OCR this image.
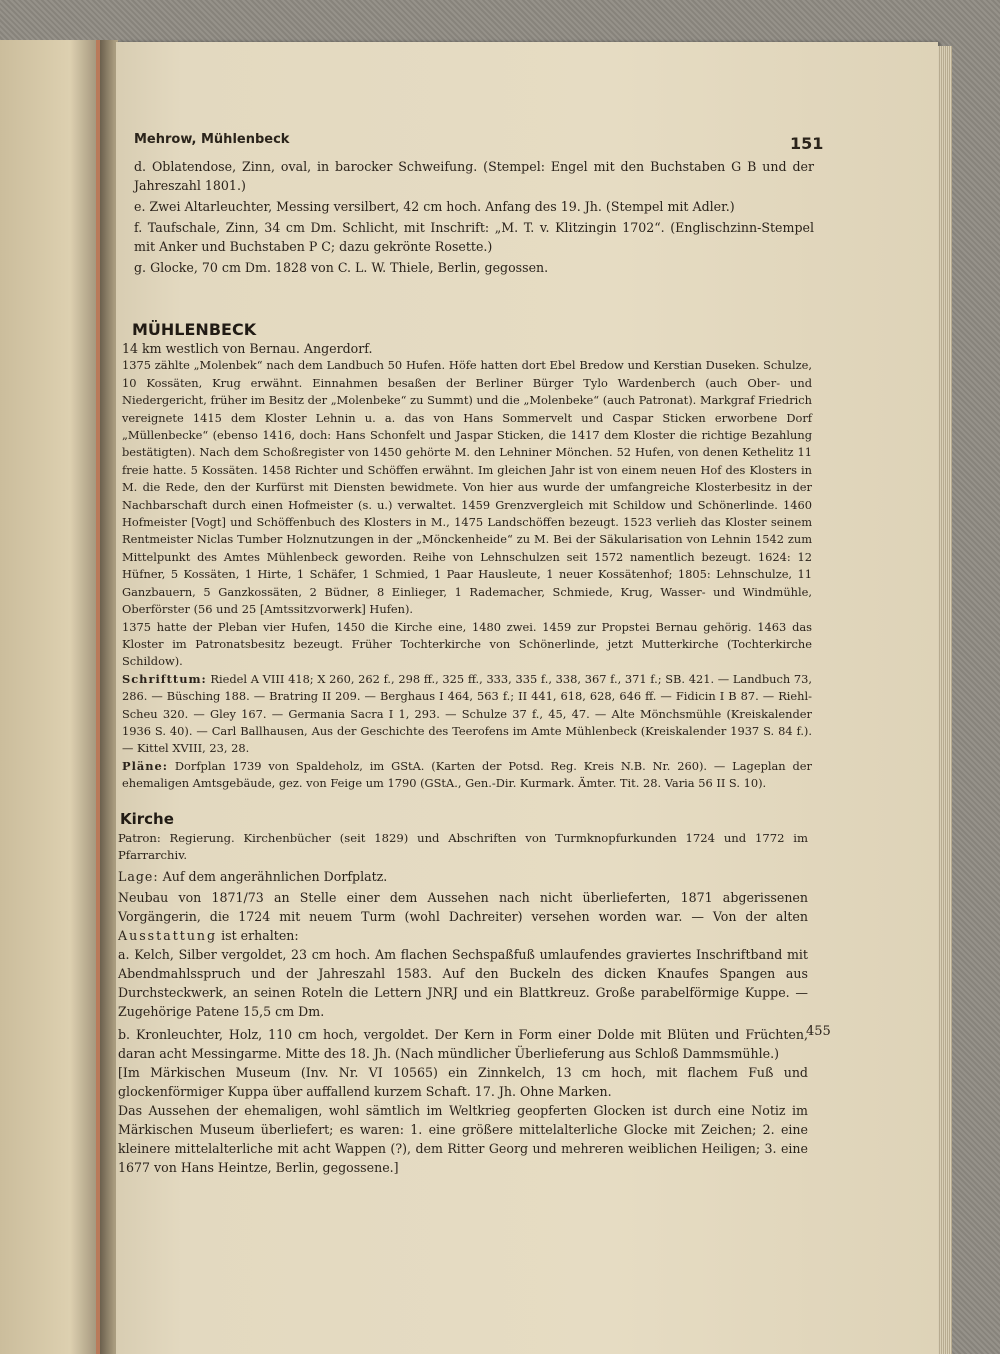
Mehrow, Mühlenbeck	151

d. Oblatendose, Zinn, oval, in barocker Schweifung. (Stempel: Engel mit den Buchstaben G B und der Jahreszahl 1801.)

e. Zwei Altarleuchter, Messing versilbert, 42 cm hoch. Anfang des 19. Jh. (Stempel mit Adler.)

f. Taufschale, Zinn, 34 cm Dm. Schlicht, mit Inschrift: „M. T. v. Klitzingin 1702“. (Englischzinn-Stempel mit Anker und Buchstaben P C; dazu gekrönte Rosette.)

g. Glocke, 70 cm Dm. 1828 von C. L. W. Thiele, Berlin, gegossen.

MÜHLENBECK

14 km westlich von Bernau. Angerdorf.

1375 zählte „Molenbek“ nach dem Landbuch 50 Hufen. Höfe hatten dort Ebel Bredow und Kerstian Duseken. Schulze, 10 Kossäten, Krug erwähnt. Einnahmen besaßen der Berliner Bürger Tylo Wardenberch (auch Ober- und Niedergericht, früher im Besitz der „Molenbeke“ zu Summt) und die „Molenbeke“ (auch Patronat). Markgraf Friedrich vereignete 1415 dem Kloster Lehnin u. a. das von Hans Sommervelt und Caspar Sticken erworbene Dorf „Müllenbecke“ (ebenso 1416, doch: Hans Schonfelt und Jaspar Sticken, die 1417 dem Kloster die richtige Bezahlung bestätigten). Nach dem Schoßregister von 1450 gehörte M. den Lehniner Mönchen. 52 Hufen, von denen Kethelitz 11 freie hatte. 5 Kossäten. 1458 Richter und Schöffen erwähnt. Im gleichen Jahr ist von einem neuen Hof des Klosters in M. die Rede, den der Kurfürst mit Diensten bewidmete. Von hier aus wurde der umfangreiche Klosterbesitz in der Nachbarschaft durch einen Hofmeister (s. u.) verwaltet. 1459 Grenzvergleich mit Schildow und Schönerlinde. 1460 Hofmeister [Vogt] und Schöffenbuch des Klosters in M., 1475 Landschöffen bezeugt. 1523 verlieh das Kloster seinem Rentmeister Niclas Tumber Holznutzungen in der „Mönckenheide“ zu M. Bei der Säkularisation von Lehnin 1542 zum Mittelpunkt des Amtes Mühlenbeck geworden. Reihe von Lehnschulzen seit 1572 namentlich bezeugt. 1624: 12 Hüfner, 5 Kossäten, 1 Hirte, 1 Schäfer, 1 Schmied, 1 Paar Hausleute, 1 neuer Kossätenhof; 1805: Lehnschulze, 11 Ganzbauern, 5 Ganzkossäten, 2 Büdner, 8 Einlieger, 1 Rademacher, Schmiede, Krug, Wasser- und Windmühle, Oberförster (56 und 25 [Amtssitzvorwerk] Hufen).

1375 hatte der Pleban vier Hufen, 1450 die Kirche eine, 1480 zwei. 1459 zur Propstei Bernau gehörig. 1463 das Kloster im Patronatsbesitz bezeugt. Früher Tochterkirche von Schönerlinde, jetzt Mutterkirche (Tochterkirche Schildow).

Schrifttum: Riedel A VIII 418; X 260, 262 f., 298 ff., 325 ff., 333, 335 f., 338, 367 f., 371 f.; SB. 421. — Landbuch 73, 286. — Büsching 188. — Bratring II 209. — Berghaus I 464, 563 f.; II 441, 618, 628, 646 ff. — Fidicin I B 87. — Riehl-Scheu 320. — Gley 167. — Germania Sacra I 1, 293. — Schulze 37 f., 45, 47. — Alte Mönchsmühle (Kreiskalender 1936 S. 40). — Carl Ballhausen, Aus der Geschichte des Teerofens im Amte Mühlenbeck (Kreiskalender 1937 S. 84 f.). — Kittel XVIII, 23, 28.

Pläne: Dorfplan 1739 von Spaldeholz, im GStA. (Karten der Potsd. Reg. Kreis N.B. Nr. 260). — Lageplan der ehemaligen Amtsgebäude, gez. von Feige um 1790 (GStA., Gen.-Dir. Kurmark. Ämter. Tit. 28. Varia 56 II S. 10).

Kirche

Patron: Regierung. Kirchenbücher (seit 1829) und Abschriften von Turmknopfurkunden 1724 und 1772 im Pfarrarchiv.

Lage: Auf dem angerähnlichen Dorfplatz.

Neubau von 1871/73 an Stelle einer dem Aussehen nach nicht überlieferten, 1871 abgerissenen Vorgängerin, die 1724 mit neuem Turm (wohl Dachreiter) versehen worden war. — Von der alten Ausstattung ist erhalten:

a. Kelch, Silber vergoldet, 23 cm hoch. Am flachen Sechspaßfuß umlaufendes graviertes Inschriftband mit Abendmahlsspruch und der Jahreszahl 1583. Auf den Buckeln des dicken Knaufes Spangen aus Durchsteckwerk, an seinen Roteln die Lettern JNRJ und ein Blattkreuz. Große parabelförmige Kuppe. — Zugehörige Patene 15,5 cm Dm.

b. Kronleuchter, Holz, 110 cm hoch, vergoldet. Der Kern in Form einer Dolde mit Blüten und Früchten, daran acht Messingarme. Mitte des 18. Jh. (Nach mündlicher Überlieferung aus Schloß Dammsmühle.)

[Im Märkischen Museum (Inv. Nr. VI 10565) ein Zinnkelch, 13 cm hoch, mit flachem Fuß und glockenförmiger Kuppa über auffallend kurzem Schaft. 17. Jh. Ohne Marken.

Das Aussehen der ehemaligen, wohl sämtlich im Weltkrieg geopferten Glocken ist durch eine Notiz im Märkischen Museum überliefert; es waren: 1. eine größere mittelalterliche Glocke mit Zeichen; 2. eine kleinere mittelalterliche mit acht Wappen (?), dem Ritter Georg und mehreren weiblichen Heiligen; 3. eine 1677 von Hans Heintze, Berlin, gegossene.]

455
